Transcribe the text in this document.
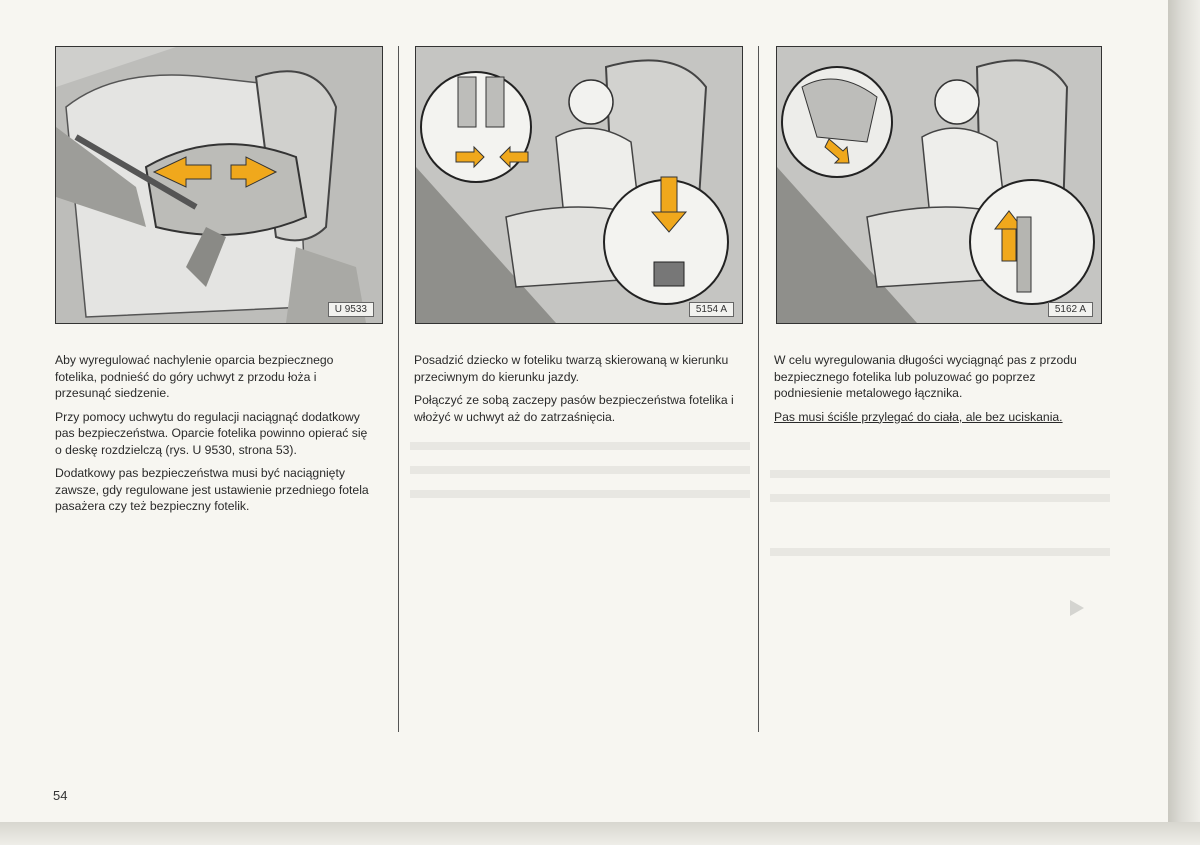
U 9533	5154 A	5162 A

Aby wyregulować nachylenie oparcia bezpiecznego fotelika, podnieść do góry uchwyt z przodu łoża i przesunąć siedzenie.

Przy pomocy uchwytu do regulacji naciągnąć dodatkowy pas bezpieczeństwa. Oparcie fotelika powinno opierać się o deskę rozdzielczą (rys. U 9530, strona 53).

Dodatkowy pas bezpieczeństwa musi być naciągnięty zawsze, gdy regulowane jest ustawienie przedniego fotela pasażera czy też bezpieczny fotelik.

Posadzić dziecko w foteliku twarzą skierowaną w kierunku przeciwnym do kierunku jazdy.

Połączyć ze sobą zaczepy pasów bezpieczeństwa fotelika i włożyć w uchwyt aż do zatrzaśnięcia.

W celu wyregulowania długości wyciągnąć pas z przodu bezpiecznego fotelika lub poluzować go poprzez podniesienie metalowego łącznika.

Pas musi ściśle przylegać do ciała, ale bez uciskania.

54
